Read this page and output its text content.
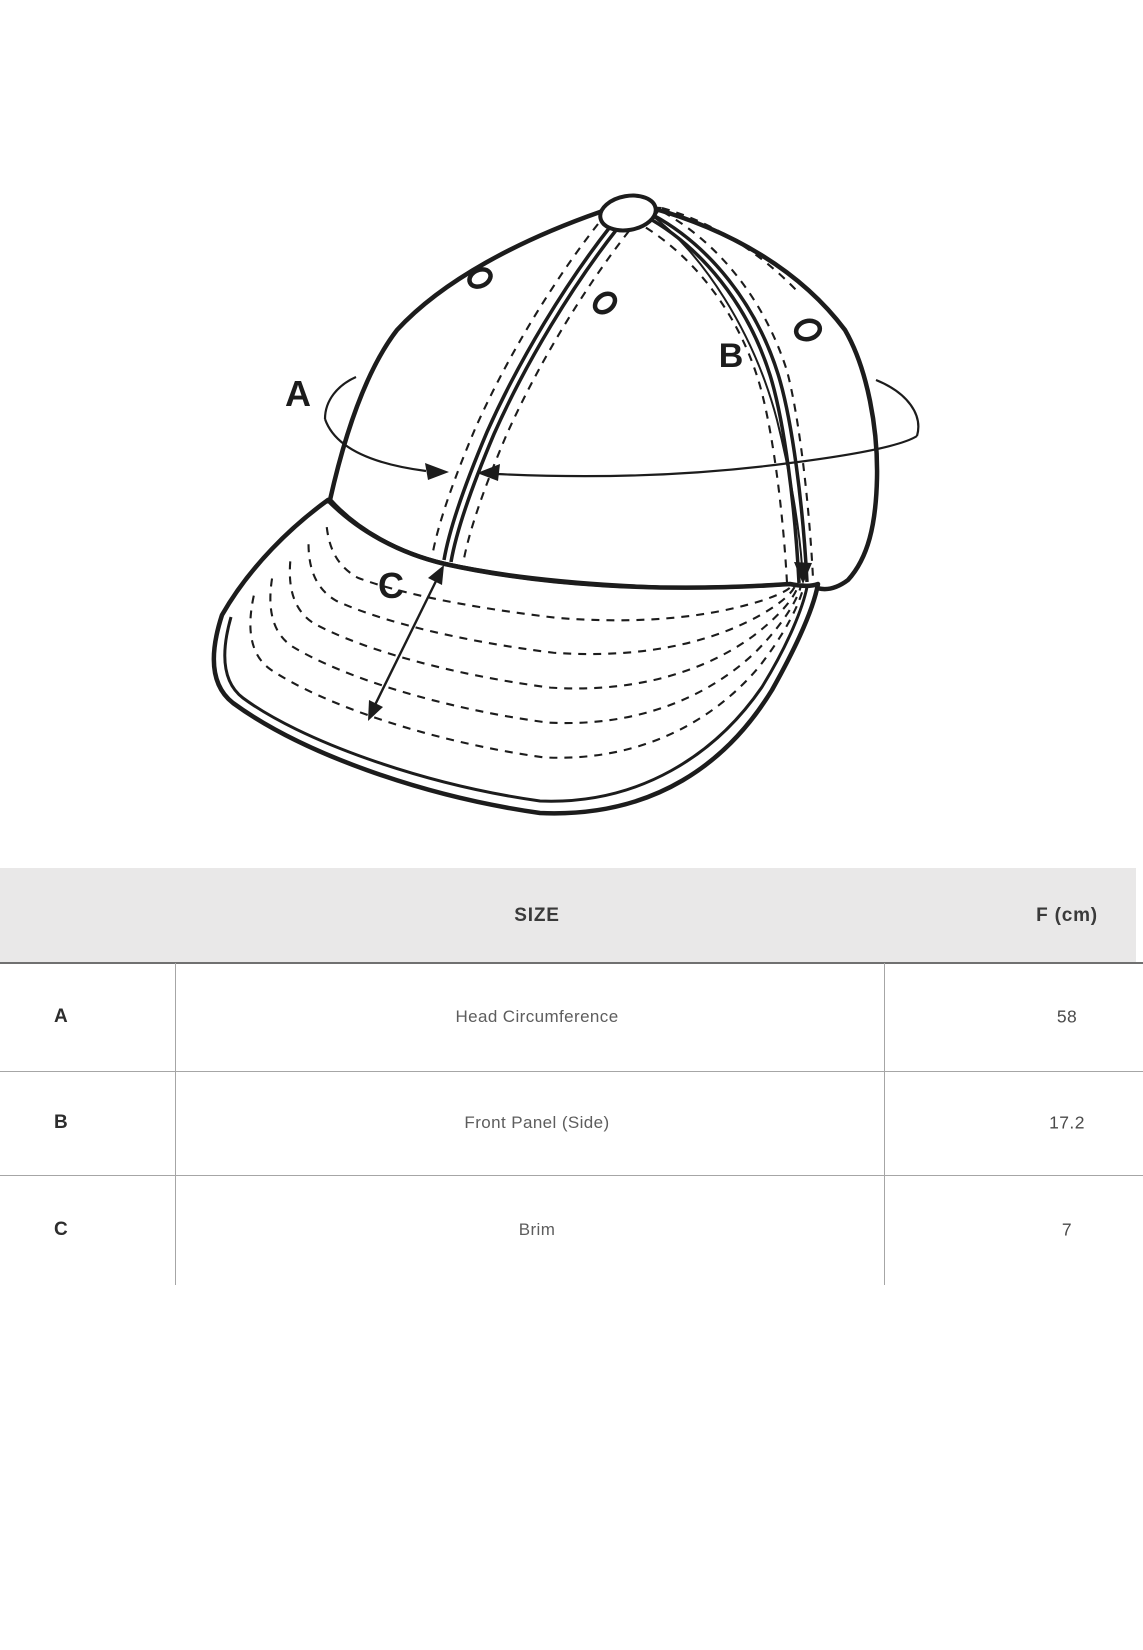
A
B
C
SIZE	F (cm)
A	Head Circumference	58
B	Front Panel (Side)	17.2
C	Brim	7
